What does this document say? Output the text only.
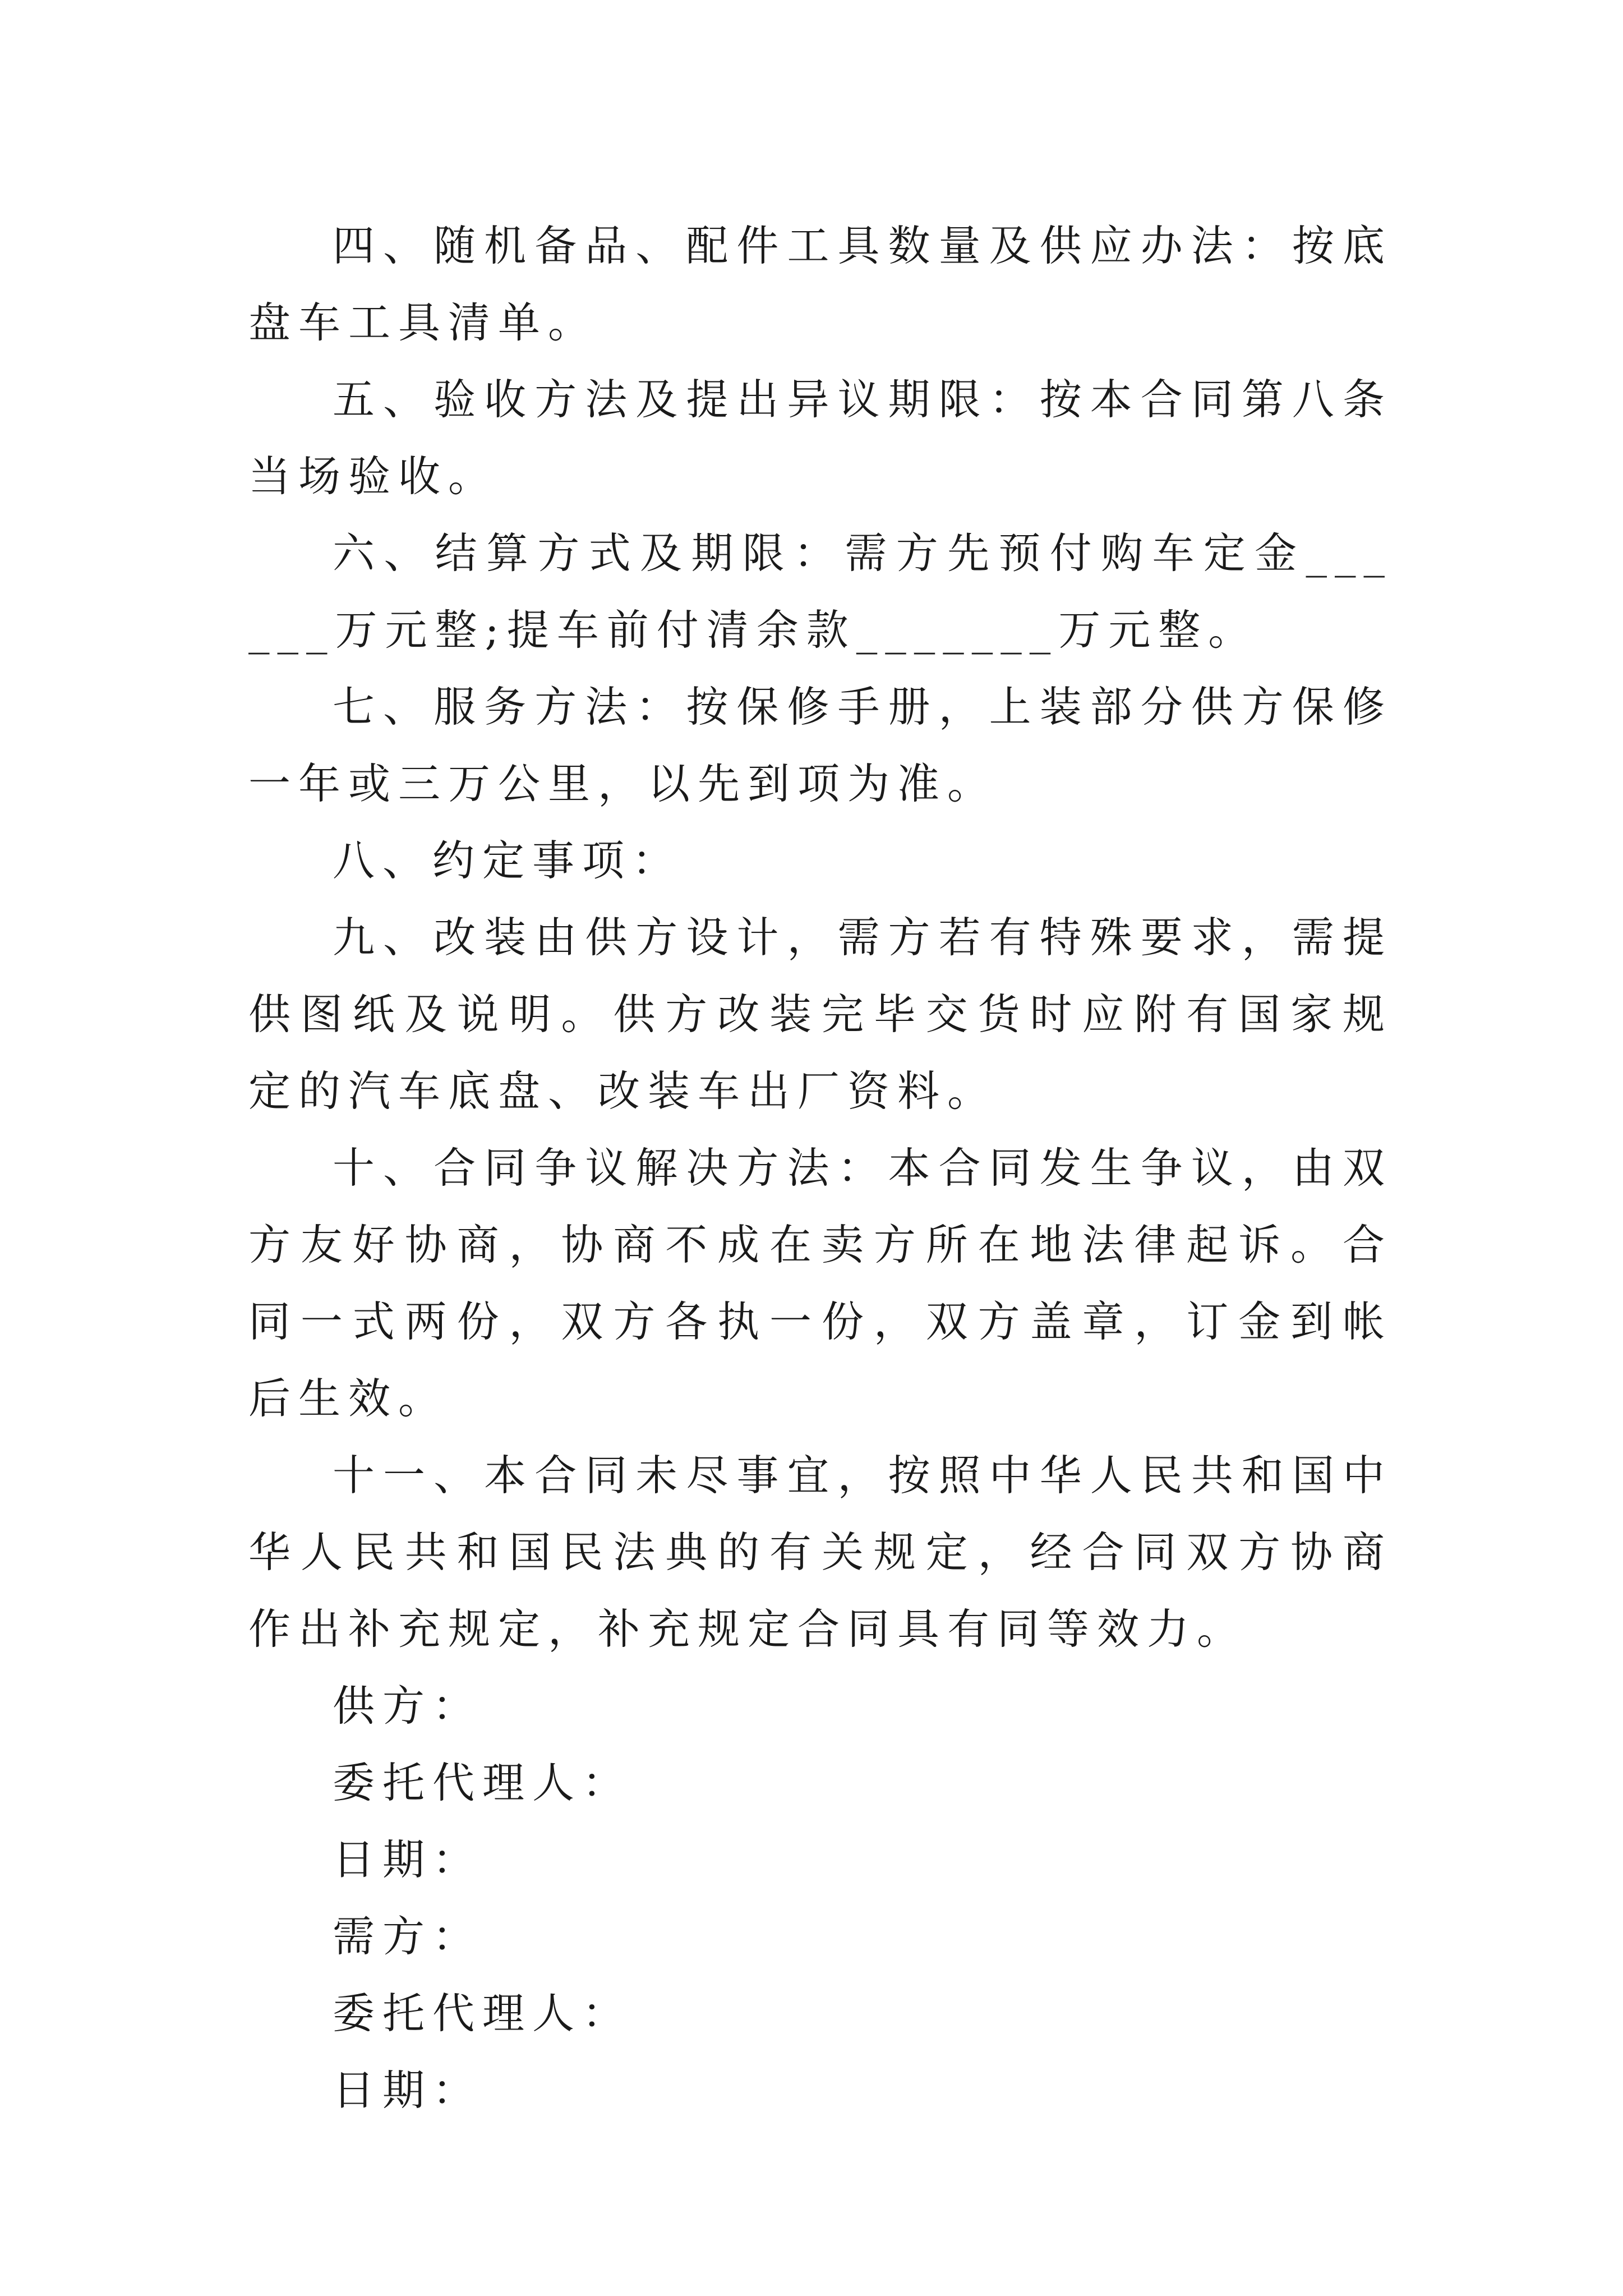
四、随机备品、配件工具数量及供应办法：按底盘车工具清单。

五、验收方法及提出异议期限：按本合同第八条当场验收。

六、结算方式及期限：需方先预付购车定金______万元整;提车前付清余款_______万元整。

七、服务方法：按保修手册，上装部分供方保修一年或三万公里，以先到项为准。

八、约定事项：

九、改装由供方设计，需方若有特殊要求，需提供图纸及说明。供方改装完毕交货时应附有国家规定的汽车底盘、改装车出厂资料。

十、合同争议解决方法：本合同发生争议，由双方友好协商，协商不成在卖方所在地法律起诉。合同一式两份，双方各执一份，双方盖章，订金到帐后生效。

十一、本合同未尽事宜，按照中华人民共和国中华人民共和国民法典的有关规定，经合同双方协商作出补充规定，补充规定合同具有同等效力。

供方：

委托代理人：

日期：

需方：

委托代理人：

日期：
